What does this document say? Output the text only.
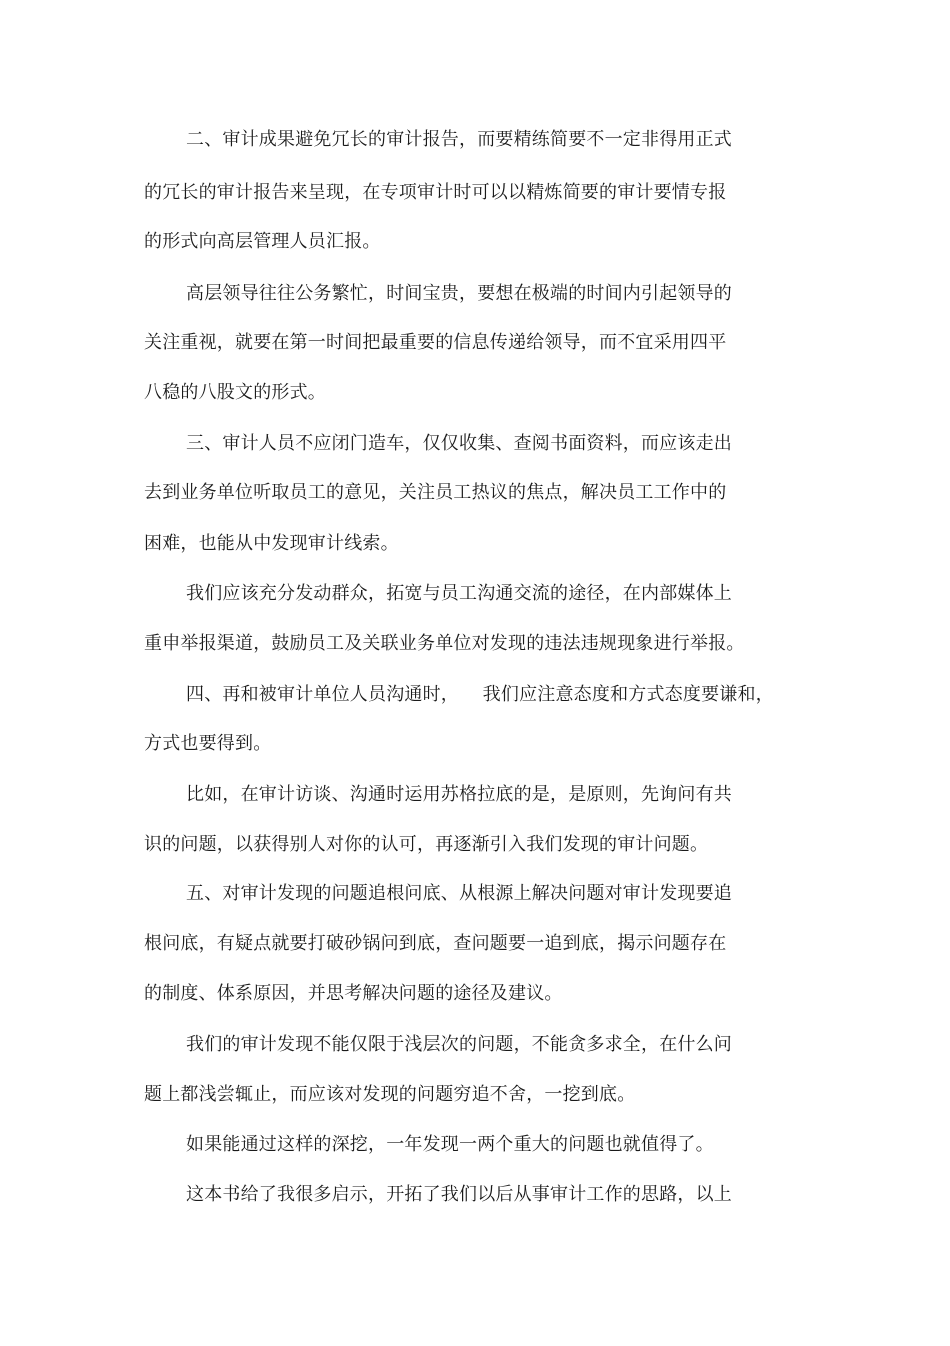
二、审计成果避免冗长的审计报告，而要精练简要不一定非得用正式
的冗长的审计报告来呈现，在专项审计时可以以精炼简要的审计要情专报
的形式向高层管理人员汇报。
高层领导往往公务繁忙，时间宝贵，要想在极端的时间内引起领导的
关注重视，就要在第一时间把最重要的信息传递给领导，而不宜采用四平
八稳的八股文的形式。
三、审计人员不应闭门造车，仅仅收集、查阅书面资料，而应该走出
去到业务单位听取员工的意见，关注员工热议的焦点，解决员工工作中的
困难，也能从中发现审计线索。
我们应该充分发动群众，拓宽与员工沟通交流的途径，在内部媒体上
重申举报渠道，鼓励员工及关联业务单位对发现的违法违规现象进行举报。
四、再和被审计单位人员沟通时，    我们应注意态度和方式态度要谦和，
方式也要得到。
比如，在审计访谈、沟通时运用苏格拉底的是，是原则，先询问有共
识的问题，以获得别人对你的认可，再逐渐引入我们发现的审计问题。
五、对审计发现的问题追根问底、从根源上解决问题对审计发现要追
根问底，有疑点就要打破砂锅问到底，查问题要一追到底，揭示问题存在
的制度、体系原因，并思考解决问题的途径及建议。
我们的审计发现不能仅限于浅层次的问题，不能贪多求全，在什么问
题上都浅尝辄止，而应该对发现的问题穷追不舍，一挖到底。
如果能通过这样的深挖，一年发现一两个重大的问题也就值得了。
这本书给了我很多启示，开拓了我们以后从事审计工作的思路，以上
